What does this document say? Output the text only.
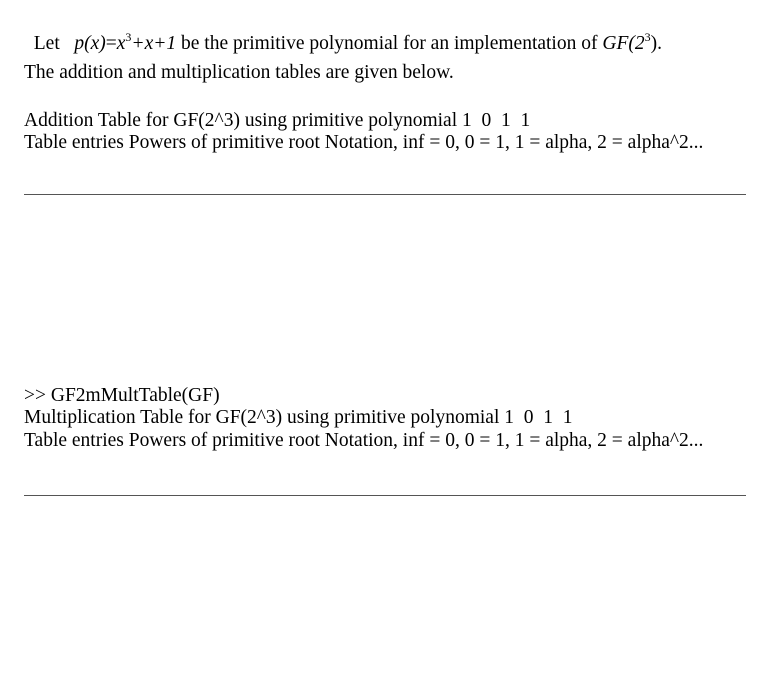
Let $p(x)=x^3+x+1$ be the primitive polynomial for an implementation of $GF(2^3)$.

The addition and multiplication tables are given below.
Addition Table for GF(2^3) using primitive polynomial 1  0  1  1
Table entries Powers of primitive root Notation, inf = 0, 0 = 1, 1 = alpha, 2 = alpha^2...
>> GF2mMultTable(GF)
Multiplication Table for GF(2^3) using primitive polynomial 1  0  1  1
Table entries Powers of primitive root Notation, inf = 0, 0 = 1, 1 = alpha, 2 = alpha^2...
